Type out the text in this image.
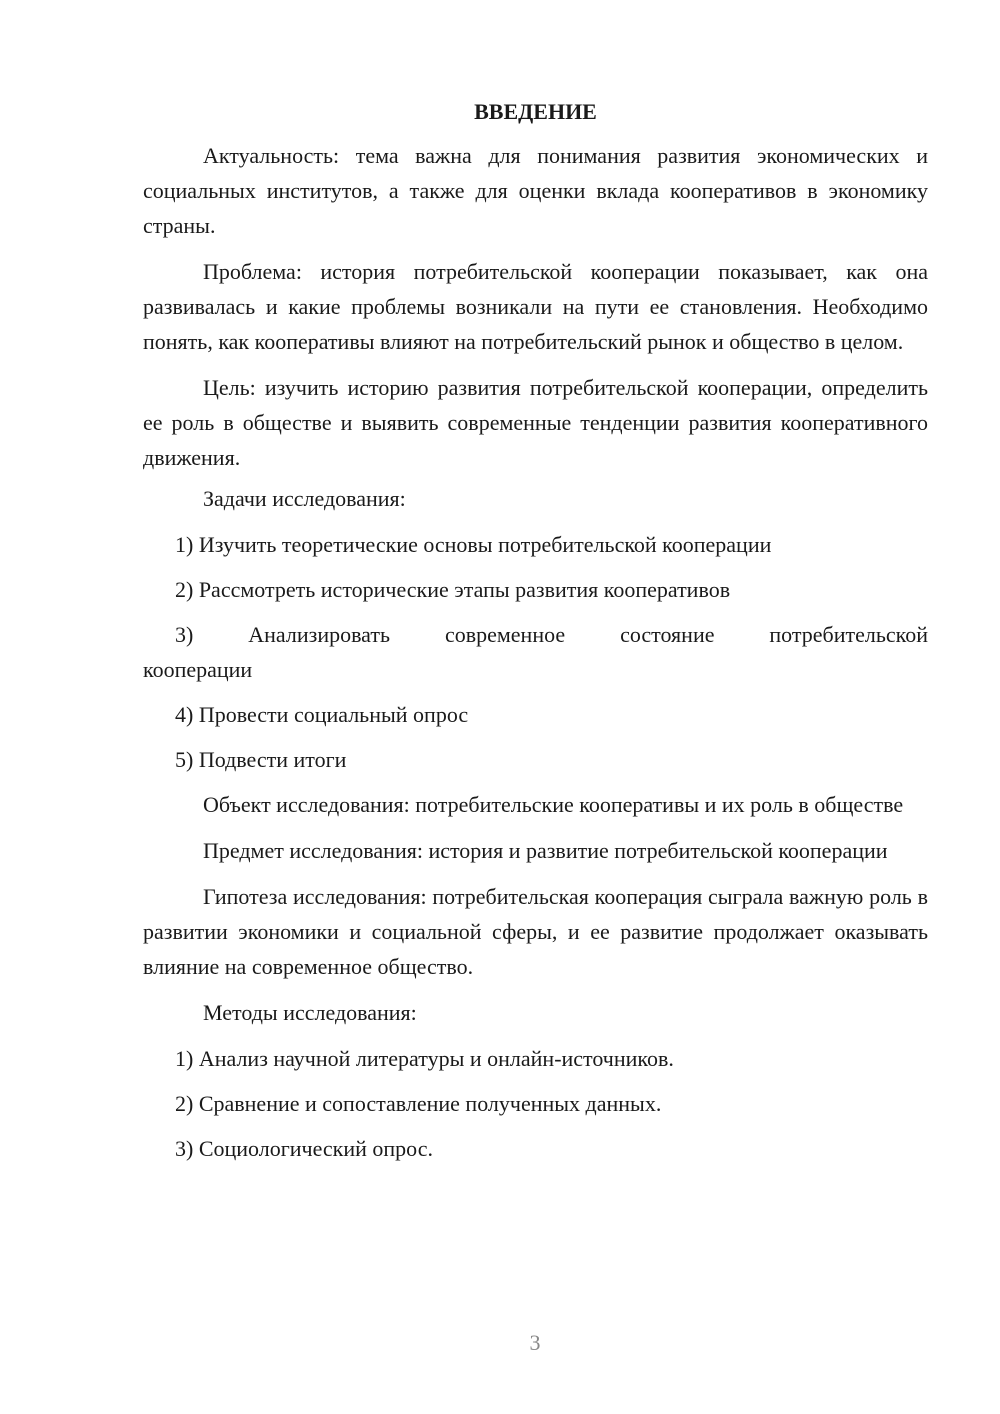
ВВЕДЕНИЕ

Актуальность: тема важна для понимания развития экономических и социальных институтов, а также для оценки вклада кооперативов в экономику страны.

Проблема: история потребительской кооперации показывает, как она развивалась и какие проблемы возникали на пути ее становления. Необходимо понять, как кооперативы влияют на потребительский рынок и общество в целом.

Цель: изучить историю развития потребительской кооперации, определить ее роль в обществе и выявить современные тенденции развития кооперативного движения.

Задачи исследования:

1) Изучить теоретические основы потребительской кооперации

2) Рассмотреть исторические этапы развития кооперативов

3) Анализировать современное состояние потребительской
кооперации

4) Провести социальный опрос

5) Подвести итоги

Объект исследования: потребительские кооперативы и их роль в обществе

Предмет исследования: история и развитие потребительской кооперации

Гипотеза исследования: потребительская кооперация сыграла важную роль в развитии экономики и социальной сферы, и ее развитие продолжает оказывать влияние на современное общество.

Методы исследования:

1) Анализ научной литературы и онлайн-источников.

2) Сравнение и сопоставление полученных данных.

3) Социологический опрос.

3
